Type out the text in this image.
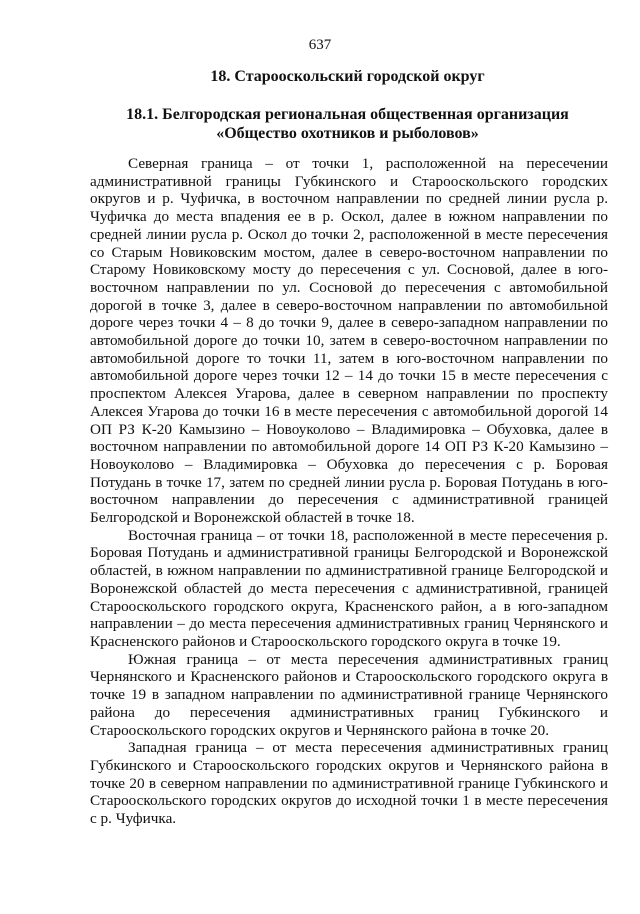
637
18. Старооскольский городской округ
18.1. Белгородская региональная общественная организация
«Общество охотников и рыболовов»

Северная граница – от точки 1, расположенной на пересечении административной границы Губкинского и Старооскольского городских округов и р. Чуфичка, в восточном направлении по средней линии русла р. Чуфичка до места впадения ее в р. Оскол, далее в южном направлении по средней линии русла р. Оскол до точки 2, расположенной в месте пересечения со Старым Новиковским мостом, далее в северо-восточном направлении по Старому Новиковскому мосту до пересечения с ул. Сосновой, далее в юго-восточном направлении по ул. Сосновой до пересечения с автомобильной дорогой в точке 3, далее в северо-восточном направлении по автомобильной дороге через точки 4 – 8 до точки 9, далее в северо-западном направлении по автомобильной дороге до точки 10, затем в северо-восточном направлении по автомобильной дороге то точки 11, затем в юго-восточном направлении по автомобильной дороге через точки 12 – 14 до точки 15 в месте пересечения с проспектом Алексея Угарова, далее в северном направлении по проспекту Алексея Угарова до точки 16 в месте пересечения с автомобильной дорогой 14 ОП РЗ К-20 Камызино – Новоуколово – Владимировка – Обуховка, далее в восточном направлении по автомобильной дороге 14 ОП РЗ К-20 Камызино – Новоуколово – Владимировка – Обуховка до пересечения с р. Боровая Потудань в точке 17, затем по средней линии русла р. Боровая Потудань в юго-восточном направлении до пересечения с административной границей Белгородской и Воронежской областей в точке 18.

Восточная граница – от точки 18, расположенной в месте пересечения р. Боровая Потудань и административной границы Белгородской и Воронежской областей, в южном направлении по административной границе Белгородской и Воронежской областей до места пересечения с административной, границей Старооскольского городского округа, Красненского район, а в юго-западном направлении – до места пересечения административных границ Чернянского и Красненского районов и Старооскольского городского округа в точке 19.

Южная граница – от места пересечения административных границ Чернянского и Красненского районов и Старооскольского городского округа в точке 19 в западном направлении по административной границе Чернянского района до пересечения административных границ Губкинского и Старооскольского городских округов и Чернянского района в точке 20.

Западная граница – от места пересечения административных границ Губкинского и Старооскольского городских округов и Чернянского района в точке 20 в северном направлении по административной границе Губкинского и Старооскольского городских округов до исходной точки 1 в месте пересечения с р. Чуфичка.
